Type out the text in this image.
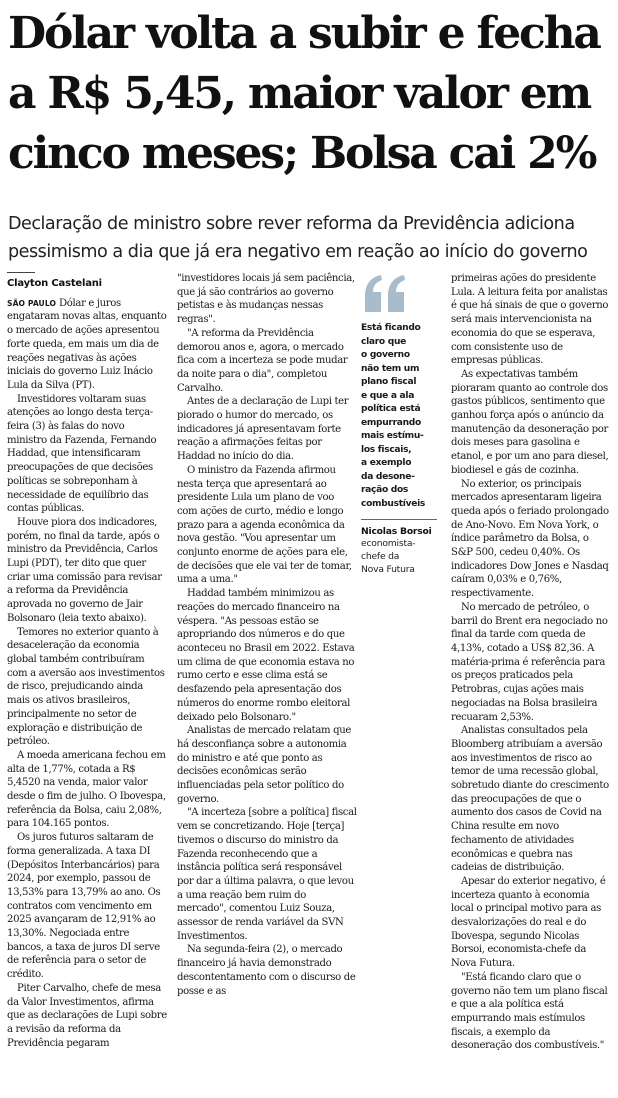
Dólar volta a subir e fecha
a R$ 5,45, maior valor em
cinco meses; Bolsa cai 2%
Declaração de ministro sobre rever reforma da Previdência adiciona
pessimismo a dia que já era negativo em reação ao início do governo
Clayton Castelani

SÃO PAULO Dólar e juros engataram novas altas, enquanto o mercado de ações apresentou forte queda, em mais um dia de reações negativas às ações iniciais do governo Luiz Inácio Lula da Silva (PT).

Investidores voltaram suas atenções ao longo desta terça-feira (3) às falas do novo ministro da Fazenda, Fernando Haddad, que intensificaram preocupações de que decisões políticas se sobreponham à necessidade de equilíbrio das contas públicas.

Houve piora dos indicadores, porém, no final da tarde, após o ministro da Previdência, Carlos Lupi (PDT), ter dito que quer criar uma comissão para revisar a reforma da Previdência aprovada no governo de Jair Bolsonaro (leia texto abaixo).

Temores no exterior quanto à desaceleração da economia global também contribuíram com a aversão aos investimentos de risco, prejudicando ainda mais os ativos brasileiros, principalmente no setor de exploração e distribuição de petróleo.

A moeda americana fechou em alta de 1,77%, cotada a R$ 5,4520 na venda, maior valor desde o fim de julho. O Ibovespa, referência da Bolsa, caiu 2,08%, para 104.165 pontos.

Os juros futuros saltaram de forma generalizada. A taxa DI (Depósitos Interbancários) para 2024, por exemplo, passou de 13,53% para 13,79% ao ano. Os contratos com vencimento em 2025 avançaram de 12,91% ao 13,30%. Negociada entre bancos, a taxa de juros DI serve de referência para o setor de crédito.

Piter Carvalho, chefe de mesa da Valor Investimentos, afirma que as declarações de Lupi sobre a revisão da reforma da Previdência pegaram

"investidores locais já sem paciência, que já são contrários ao governo petistas e às mudanças nessas regras".

"A reforma da Previdência demorou anos e, agora, o mercado fica com a incerteza se pode mudar da noite para o dia", completou Carvalho.

Antes de a declaração de Lupi ter piorado o humor do mercado, os indicadores já apresentavam forte reação a afirmações feitas por Haddad no início do dia.

O ministro da Fazenda afirmou nesta terça que apresentará ao presidente Lula um plano de voo com ações de curto, médio e longo prazo para a agenda econômica da nova gestão. "Vou apresentar um conjunto enorme de ações para ele, de decisões que ele vai ter de tomar, uma a uma."

Haddad também minimizou as reações do mercado financeiro na véspera. "As pessoas estão se apropriando dos números e do que aconteceu no Brasil em 2022. Estava um clima de que economia estava no rumo certo e esse clima está se desfazendo pela apresentação dos números do enorme rombo eleitoral deixado pelo Bolsonaro."

Analistas de mercado relatam que há desconfiança sobre a autonomia do ministro e até que ponto as decisões econômicas serão influenciadas pela setor político do governo.

"A incerteza [sobre a política] fiscal vem se concretizando. Hoje [terça] tivemos o discurso do ministro da Fazenda reconhecendo que a instância política será responsável por dar a última palavra, o que levou a uma reação bem ruim do mercado", comentou Luiz Souza, assessor de renda variável da SVN Investimentos.

Na segunda-feira (2), o mercado financeiro já havia demonstrado descontentamento com o discurso de posse e as

Está ficando
claro que
o governo
não tem um
plano fiscal
e que a ala
política está
empurrando
mais estímu-
los fiscais,
a exemplo
da desone-
ração dos
combustíveis

Nicolas Borsoi

economista-
chefe da
Nova Futura

primeiras ações do presidente Lula. A leitura feita por analistas é que há sinais de que o governo será mais intervencionista na economia do que se esperava, com consistente uso de empresas públicas.

As expectativas também pioraram quanto ao controle dos gastos públicos, sentimento que ganhou força após o anúncio da manutenção da desoneração por dois meses para gasolina e etanol, e por um ano para diesel, biodiesel e gás de cozinha.

No exterior, os principais mercados apresentaram ligeira queda após o feriado prolongado de Ano-Novo. Em Nova York, o índice parâmetro da Bolsa, o S&P 500, cedeu 0,40%. Os indicadores Dow Jones e Nasdaq caíram 0,03% e 0,76%, respectivamente.

No mercado de petróleo, o barril do Brent era negociado no final da tarde com queda de 4,13%, cotado a US$ 82,36. A matéria-prima é referência para os preços praticados pela Petrobras, cujas ações mais negociadas na Bolsa brasileira recuaram 2,53%.

Analistas consultados pela Bloomberg atribuíam a aversão aos investimentos de risco ao temor de uma recessão global, sobretudo diante do crescimento das preocupações de que o aumento dos casos de Covid na China resulte em novo fechamento de atividades econômicas e quebra nas cadeias de distribuição.

Apesar do exterior negativo, é incerteza quanto à economia local o principal motivo para as desvalorizações do real e do Ibovespa, segundo Nicolas Borsoi, economista-chefe da Nova Futura.

"Está ficando claro que o governo não tem um plano fiscal e que a ala política está empurrando mais estímulos fiscais, a exemplo da desoneração dos combustíveis."
